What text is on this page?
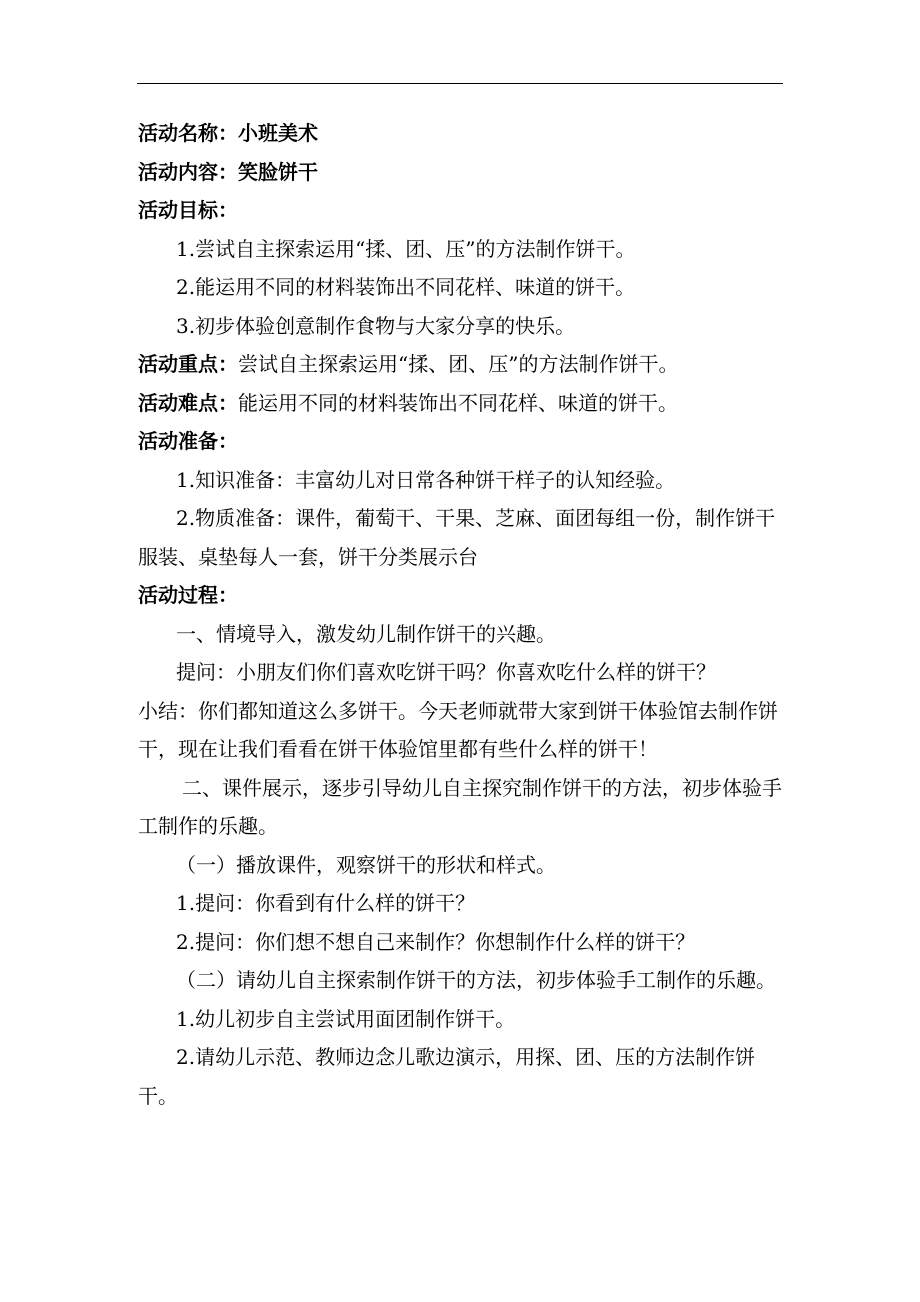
活动名称：小班美术
活动内容：笑脸饼干
活动目标：
1.尝试自主探索运用“揉、团、压”的方法制作饼干。
2.能运用不同的材料装饰出不同花样、味道的饼干。
3.初步体验创意制作食物与大家分享的快乐。
活动重点：尝试自主探索运用“揉、团、压”的方法制作饼干。
活动难点：能运用不同的材料装饰出不同花样、味道的饼干。
活动准备：
1.知识准备：丰富幼儿对日常各种饼干样子的认知经验。
2.物质准备：课件，葡萄干、干果、芝麻、面团每组一份，制作饼干服装、桌垫每人一套，饼干分类展示台
活动过程：
一、情境导入，激发幼儿制作饼干的兴趣。
提问：小朋友们你们喜欢吃饼干吗？你喜欢吃什么样的饼干？
小结：你们都知道这么多饼干。今天老师就带大家到饼干体验馆去制作饼干，现在让我们看看在饼干体验馆里都有些什么样的饼干！
二、课件展示，逐步引导幼儿自主探究制作饼干的方法，初步体验手工制作的乐趣。
（一）播放课件，观察饼干的形状和样式。
1.提问：你看到有什么样的饼干？
2.提问：你们想不想自己来制作？你想制作什么样的饼干？
（二）请幼儿自主探索制作饼干的方法，初步体验手工制作的乐趣。
1.幼儿初步自主尝试用面团制作饼干。
2.请幼儿示范、教师边念儿歌边演示，用探、团、压的方法制作饼干。
